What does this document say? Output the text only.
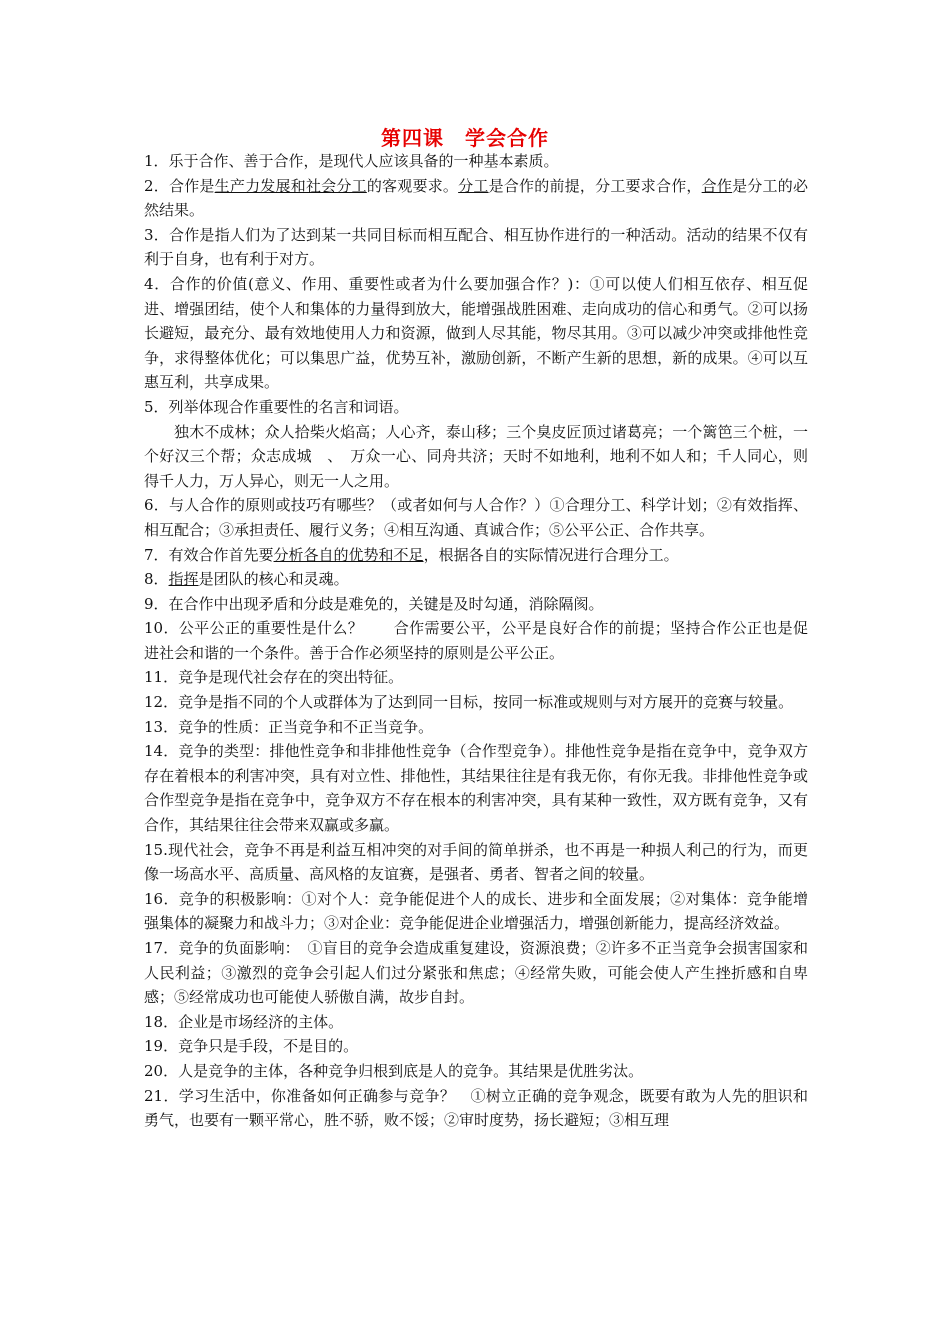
第四课　学会合作

1．乐于合作、善于合作，是现代人应该具备的一种基本素质。

2．合作是生产力发展和社会分工的客观要求。分工是合作的前提，分工要求合作，合作是分工的必然结果。

3．合作是指人们为了达到某一共同目标而相互配合、相互协作进行的一种活动。活动的结果不仅有利于自身，也有利于对方。

4．合作的价值(意义、作用、重要性或者为什么要加强合作？)：①可以使人们相互依存、相互促进、增强团结，使个人和集体的力量得到放大，能增强战胜困难、走向成功的信心和勇气。②可以扬长避短，最充分、最有效地使用人力和资源，做到人尽其能，物尽其用。③可以减少冲突或排他性竞争，求得整体优化；可以集思广益，优势互补，激励创新，不断产生新的思想，新的成果。④可以互惠互利，共享成果。

5．列举体现合作重要性的名言和词语。

独木不成林；众人拾柴火焰高；人心齐，泰山移；三个臭皮匠顶过诸葛亮；一个篱笆三个桩，一个好汉三个帮；众志成城　、　万众一心、同舟共济；天时不如地利，地利不如人和；千人同心，则得千人力，万人异心，则无一人之用。

6．与人合作的原则或技巧有哪些？（或者如何与人合作？）①合理分工、科学计划；②有效指挥、相互配合；③承担责任、履行义务；④相互沟通、真诚合作；⑤公平公正、合作共享。

7．有效合作首先要分析各自的优势和不足，根据各自的实际情况进行合理分工。

8．指挥是团队的核心和灵魂。

9．在合作中出现矛盾和分歧是难免的，关键是及时勾通，消除隔阂。

10．公平公正的重要性是什么？　　合作需要公平，公平是良好合作的前提；坚持合作公正也是促进社会和谐的一个条件。善于合作必须坚持的原则是公平公正。

11．竞争是现代社会存在的突出特征。

12．竞争是指不同的个人或群体为了达到同一目标，按同一标准或规则与对方展开的竞赛与较量。

13．竞争的性质：正当竞争和不正当竞争。

14．竞争的类型：排他性竞争和非排他性竞争（合作型竞争）。排他性竞争是指在竞争中，竞争双方存在着根本的利害冲突，具有对立性、排他性，其结果往往是有我无你，有你无我。非排他性竞争或合作型竞争是指在竞争中，竞争双方不存在根本的利害冲突，具有某种一致性，双方既有竞争，又有合作，其结果往往会带来双赢或多赢。

15.现代社会，竞争不再是利益互相冲突的对手间的简单拼杀，也不再是一种损人利己的行为，而更像一场高水平、高质量、高风格的友谊赛，是强者、勇者、智者之间的较量。

16．竞争的积极影响：①对个人：竞争能促进个人的成长、进步和全面发展；②对集体：竞争能增强集体的凝聚力和战斗力；③对企业：竞争能促进企业增强活力，增强创新能力，提高经济效益。

17．竞争的负面影响：　①盲目的竞争会造成重复建设，资源浪费；②许多不正当竞争会损害国家和人民利益；③激烈的竞争会引起人们过分紧张和焦虑；④经常失败，可能会使人产生挫折感和自卑感；⑤经常成功也可能使人骄傲自满，故步自封。

18．企业是市场经济的主体。

19．竞争只是手段，不是目的。

20．人是竞争的主体，各种竞争归根到底是人的竞争。其结果是优胜劣汰。

21．学习生活中，你准备如何正确参与竞争？　①树立正确的竞争观念，既要有敢为人先的胆识和勇气，也要有一颗平常心，胜不骄，败不馁；②审时度势，扬长避短；③相互理
